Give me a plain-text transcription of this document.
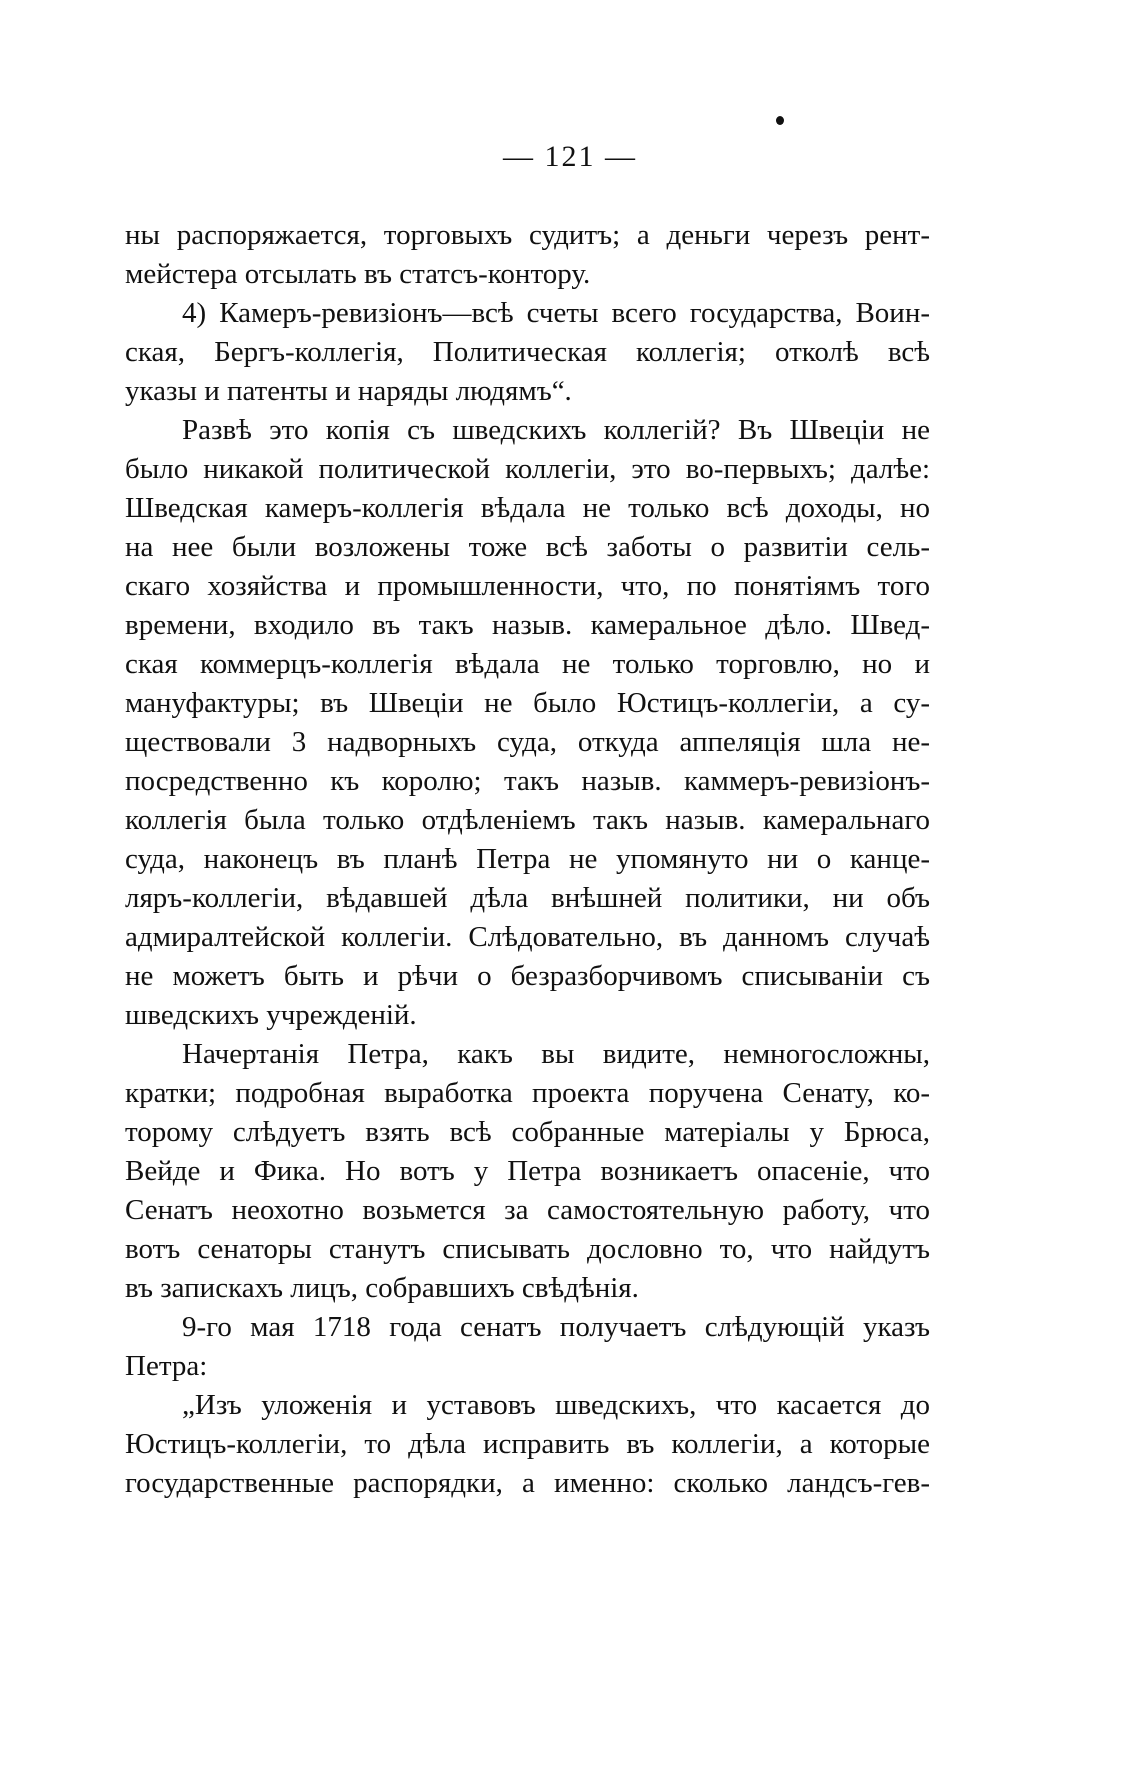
— 121 —
ны распоряжается, торговыхъ судитъ; а деньги черезъ рент-
мейстера отсылать въ статсъ-контору.
4) Камеръ-ревизіонъ—всѣ счеты всего государства, Воин-
ская, Бергъ-коллегія, Политическая коллегія; отколѣ всѣ
указы и патенты и наряды людямъ“.
Развѣ это копія съ шведскихъ коллегій? Въ Швеціи не
было никакой политической коллегіи, это во-первыхъ; далѣе:
Шведская камеръ-коллегія вѣдала не только всѣ доходы, но
на нее были возложены тоже всѣ заботы о развитіи сель-
скаго хозяйства и промышленности, что, по понятіямъ того
времени, входило въ такъ назыв. камеральное дѣло. Швед-
ская коммерцъ-коллегія вѣдала не только торговлю, но и
мануфактуры; въ Швеціи не было Юстицъ-коллегіи, а су-
ществовали 3 надворныхъ суда, откуда аппеляція шла не-
посредственно къ королю; такъ назыв. каммеръ-ревизіонъ-
коллегія была только отдѣленіемъ такъ назыв. камеральнаго
суда, наконецъ въ планѣ Петра не упомянуто ни о канце-
ляръ-коллегіи, вѣдавшей дѣла внѣшней политики, ни объ
адмиралтейской коллегіи. Слѣдовательно, въ данномъ случаѣ
не можетъ быть и рѣчи о безразборчивомъ списываніи съ
шведскихъ учрежденій.
Начертанія Петра, какъ вы видите, немногосложны,
кратки; подробная выработка проекта поручена Сенату, ко-
торому слѣдуетъ взять всѣ собранные матеріалы у Брюса,
Вейде и Фика. Но вотъ у Петра возникаетъ опасеніе, что
Сенатъ неохотно возьмется за самостоятельную работу, что
вотъ сенаторы станутъ списывать дословно то, что найдутъ
въ запискахъ лицъ, собравшихъ свѣдѣнія.
9-го мая 1718 года сенатъ получаетъ слѣдующій указъ
Петра:
„Изъ уложенія и уставовъ шведскихъ, что касается до
Юстицъ-коллегіи, то дѣла исправить въ коллегіи, а которые
государственные распорядки, а именно: сколько ландсъ-гев-
